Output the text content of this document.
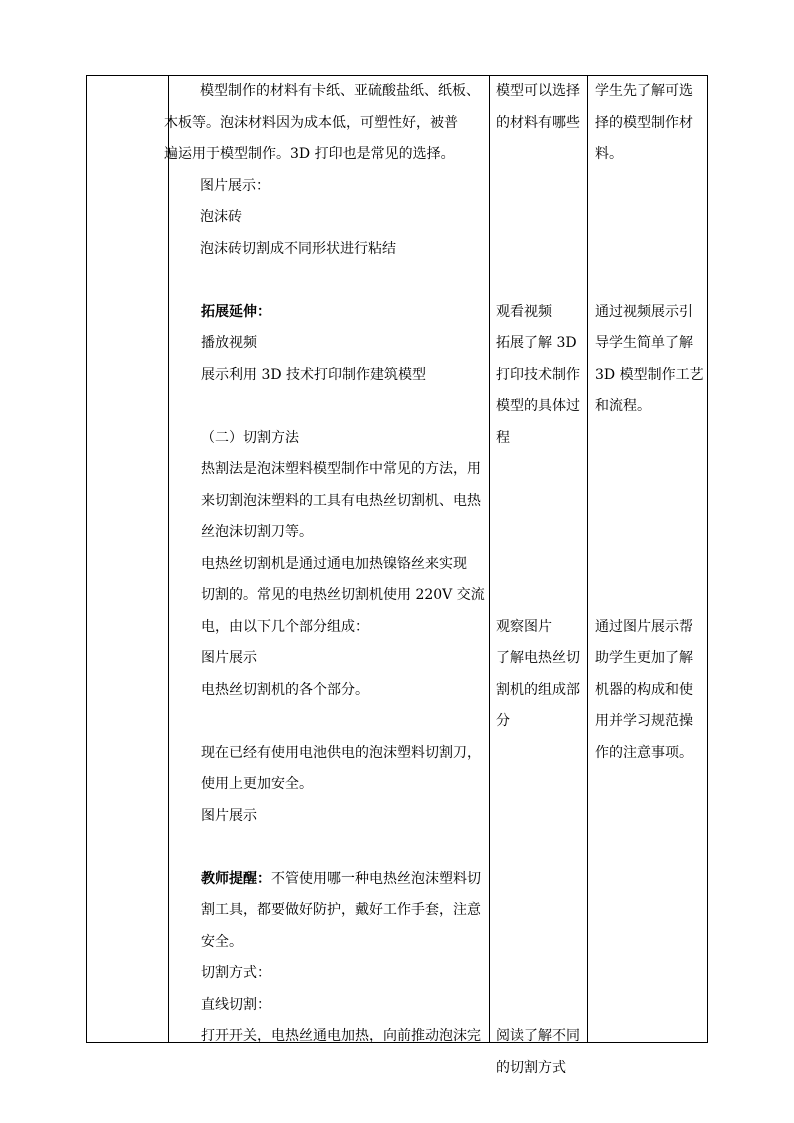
模型制作的材料有卡纸、亚硫酸盐纸、纸板、

木板等。泡沫材料因为成本低，可塑性好，被普

遍运用于模型制作。3D 打印也是常见的选择。

图片展示：

泡沫砖

泡沫砖切割成不同形状进行粘结

拓展延伸：

播放视频

展示利用 3D 技术打印制作建筑模型

（二）切割方法

热割法是泡沫塑料模型制作中常见的方法，用

来切割泡沫塑料的工具有电热丝切割机、电热

丝泡沫切割刀等。

电热丝切割机是通过通电加热镍铬丝来实现

切割的。常见的电热丝切割机使用 220V 交流

电，由以下几个部分组成：

图片展示

电热丝切割机的各个部分。

现在已经有使用电池供电的泡沫塑料切割刀，

使用上更加安全。

图片展示

教师提醒：不管使用哪一种电热丝泡沫塑料切

割工具，都要做好防护，戴好工作手套，注意

安全。

切割方式：

直线切割：

打开开关，电热丝通电加热，向前推动泡沫完

模型可以选择

的材料有哪些

观看视频

拓展了解 3D

打印技术制作

模型的具体过

程

观察图片

了解电热丝切

割机的组成部

分

阅读了解不同

的切割方式

学生先了解可选

择的模型制作材

料。

通过视频展示引

导学生简单了解

3D 模型制作工艺

和流程。

通过图片展示帮

助学生更加了解

机器的构成和使

用并学习规范操

作的注意事项。
